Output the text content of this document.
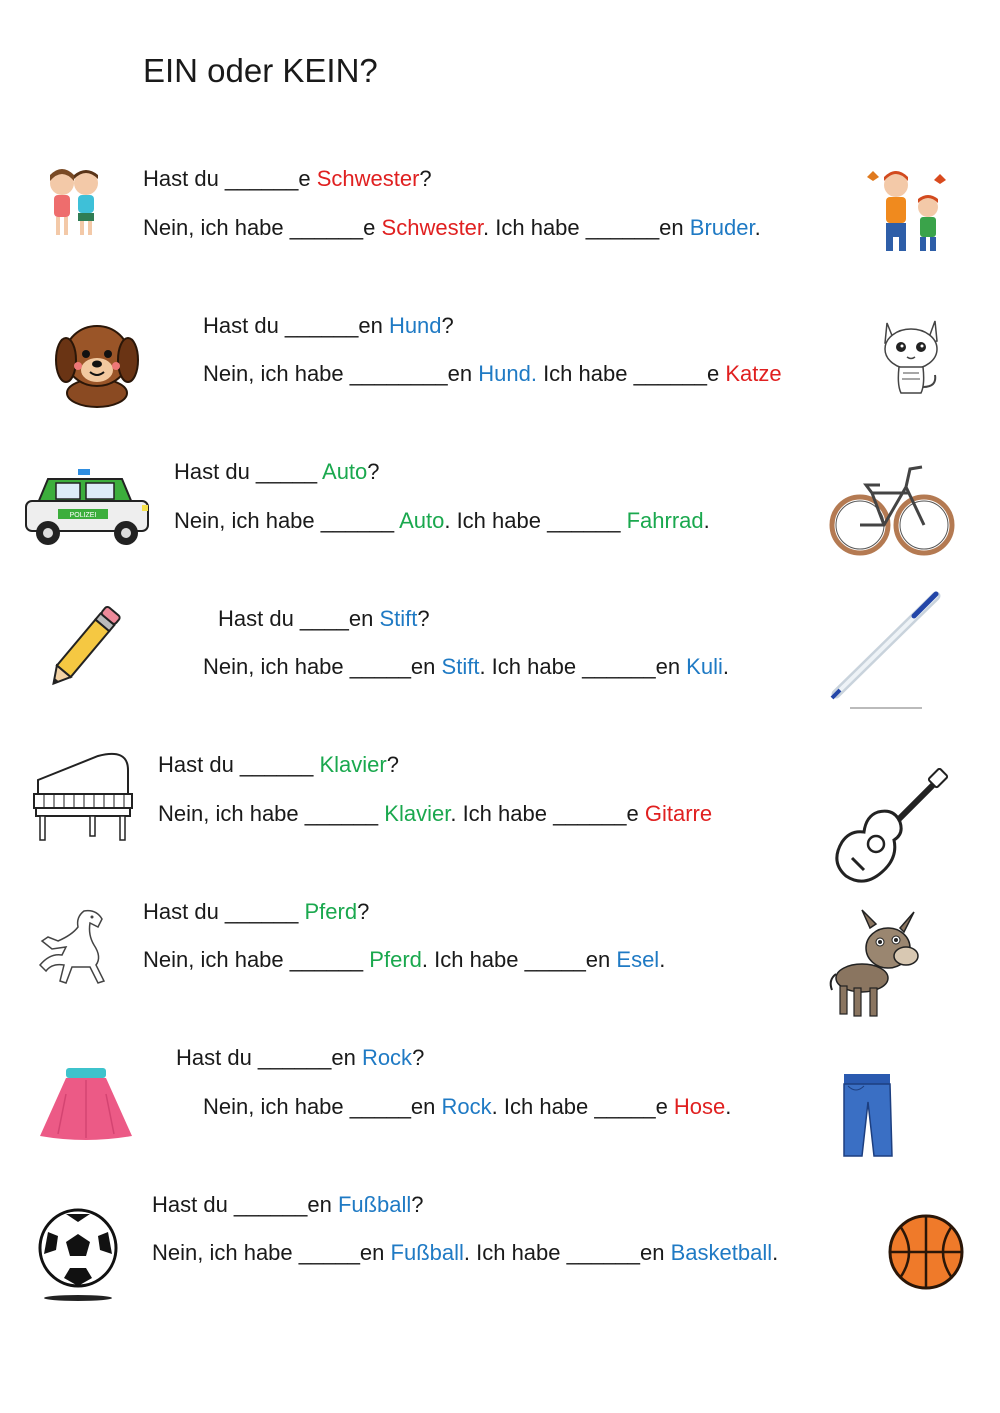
EIN oder KEIN?
Hast du ______e Schwester?
Nein, ich habe ______e Schwester. Ich habe ______en Bruder.
Hast du ______en Hund?
Nein, ich habe ________en Hund. Ich habe ______e Katze
Hast du _____ Auto?
Nein, ich habe ______ Auto. Ich habe ______ Fahrrad.
Hast du ____en Stift?
Nein, ich habe _____en Stift. Ich habe ______en Kuli.
Hast du ______ Klavier?
Nein, ich habe ______ Klavier. Ich habe ______e Gitarre
Hast du ______ Pferd?
Nein, ich habe ______ Pferd. Ich habe _____en Esel.
Hast du ______en Rock?
Nein, ich habe _____en Rock. Ich habe _____e Hose.
Hast du ______en Fußball?
Nein, ich habe _____en Fußball. Ich habe ______en Basketball.
POLIZEI
